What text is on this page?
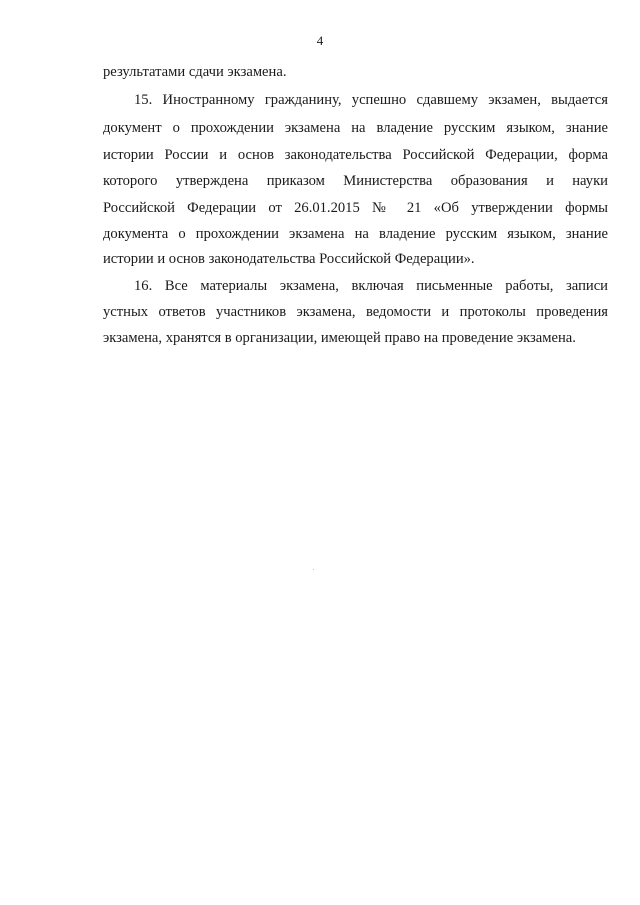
4
результатами сдачи экзамена.
15. Иностранному гражданину, успешно сдавшему экзамен, выдается
документ о прохождении экзамена на владение русским языком, знание
истории России и основ законодательства Российской Федерации, форма
которого утверждена приказом Министерства образования и науки
Российской Федерации от 26.01.2015 № 21 «Об утверждении формы
документа о прохождении экзамена на владение русским языком, знание
истории и основ законодательства Российской Федерации».
16. Все материалы экзамена, включая письменные работы, записи
устных ответов участников экзамена, ведомости и протоколы проведения
экзамена, хранятся в организации, имеющей право на проведение экзамена.
